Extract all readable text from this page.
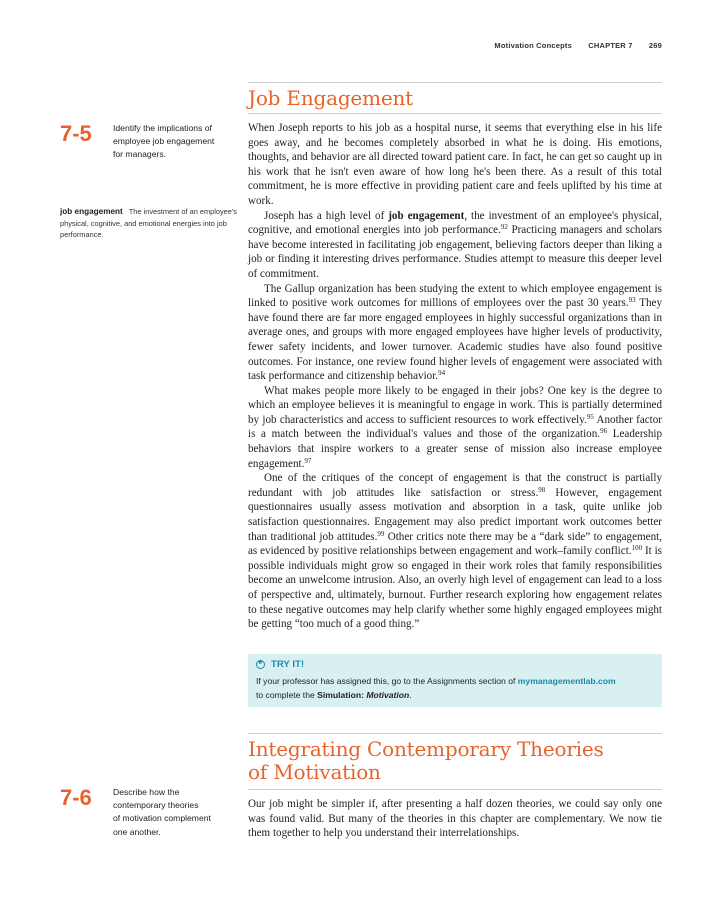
Motivation Concepts CHAPTER 7 269
Job Engagement
7-5 Identify the implications of
employee job engagement
for managers.
job engagement The investment of an employee's physical, cognitive, and emotional energies into job performance.

When Joseph reports to his job as a hospital nurse, it seems that everything else in his life goes away, and he becomes completely absorbed in what he is doing. His emotions, thoughts, and behavior are all directed toward patient care. In fact, he can get so caught up in his work that he isn't even aware of how long he's been there. As a result of this total commitment, he is more effective in providing patient care and feels uplifted by his time at work.

Joseph has a high level of job engagement, the investment of an employee's physical, cognitive, and emotional energies into job performance.$^{92}$ Practicing managers and scholars have become interested in facilitating job engagement, believing factors deeper than liking a job or finding it interesting drives performance. Studies attempt to measure this deeper level of commitment.

The Gallup organization has been studying the extent to which employee engagement is linked to positive work outcomes for millions of employees over the past 30 years.$^{93}$ They have found there are far more engaged employees in highly successful organizations than in average ones, and groups with more engaged employees have higher levels of productivity, fewer safety incidents, and lower turnover. Academic studies have also found positive outcomes. For instance, one review found higher levels of engagement were associated with task performance and citizenship behavior.$^{94}$

What makes people more likely to be engaged in their jobs? One key is the degree to which an employee believes it is meaningful to engage in work. This is partially determined by job characteristics and access to sufficient resources to work effectively.$^{95}$ Another factor is a match between the individual's values and those of the organization.$^{96}$ Leadership behaviors that inspire workers to a greater sense of mission also increase employee engagement.$^{97}$

One of the critiques of the concept of engagement is that the construct is partially redundant with job attitudes like satisfaction or stress.$^{98}$ However, engagement questionnaires usually assess motivation and absorption in a task, quite unlike job satisfaction questionnaires. Engagement may also predict important work outcomes better than traditional job attitudes.$^{99}$ Other critics note there may be a “dark side” to engagement, as evidenced by positive relationships between engagement and work–family conflict.$^{100}$ It is possible individuals might grow so engaged in their work roles that family responsibilities become an unwelcome intrusion. Also, an overly high level of engagement can lead to a loss of perspective and, ultimately, burnout. Further research exploring how engagement relates to these negative outcomes may help clarify whether some highly engaged employees might be getting “too much of a good thing.”

★TRY IT!
If your professor has assigned this, go to the Assignments section of mymanagementlab.com
to complete the Simulation: Motivation.
Integrating Contemporary Theories
of Motivation
7-6 Describe how the
contemporary theories
of motivation complement
one another.

Our job might be simpler if, after presenting a half dozen theories, we could say only one was found valid. But many of the theories in this chapter are complementary. We now tie them together to help you understand their interrelationships.
